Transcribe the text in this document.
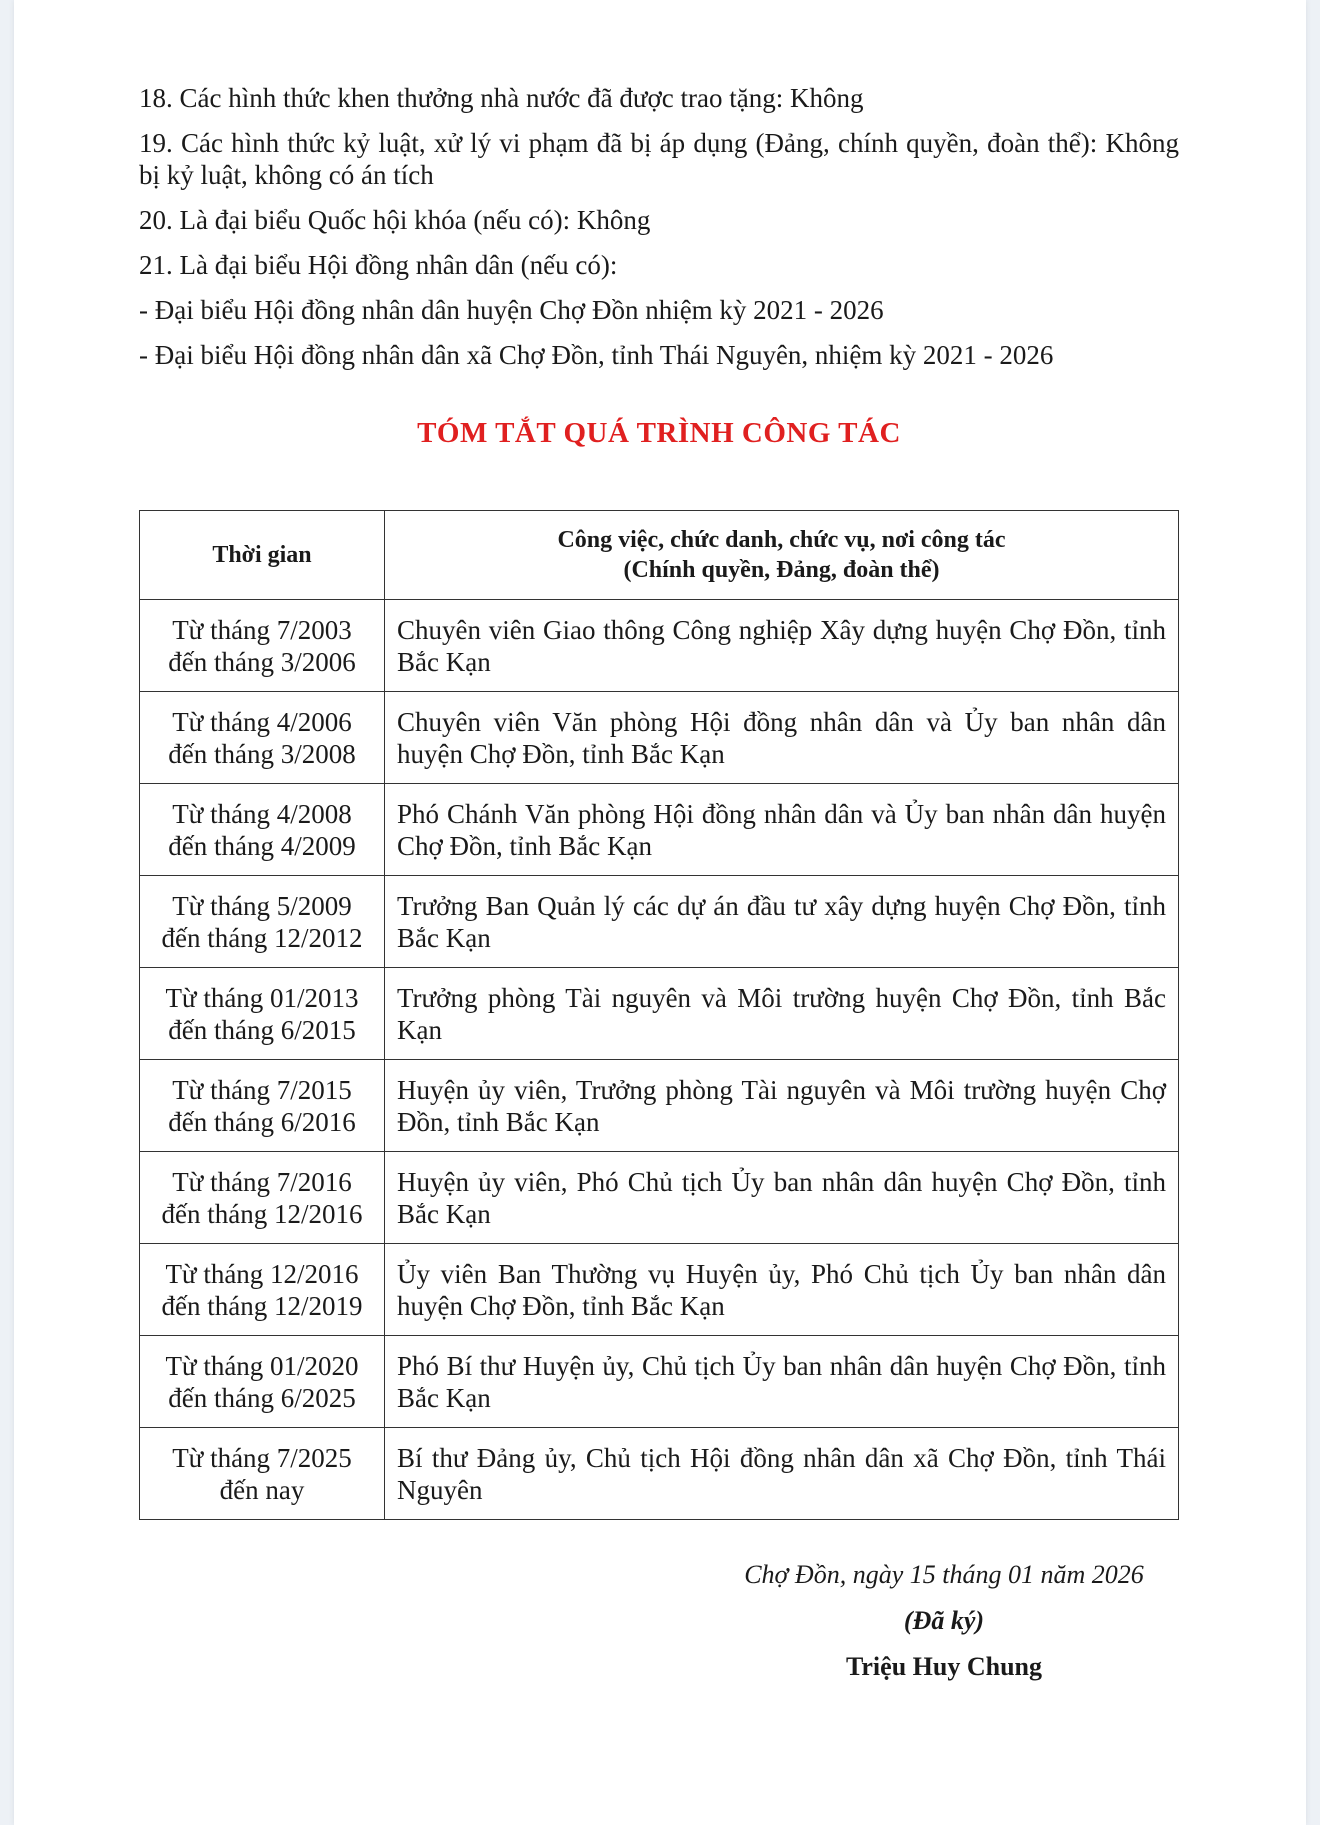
18. Các hình thức khen thưởng nhà nước đã được trao tặng: Không

19. Các hình thức kỷ luật, xử lý vi phạm đã bị áp dụng (Đảng, chính quyền, đoàn thể): Không bị kỷ luật, không có án tích

20. Là đại biểu Quốc hội khóa (nếu có): Không

21. Là đại biểu Hội đồng nhân dân (nếu có):

- Đại biểu Hội đồng nhân dân huyện Chợ Đồn nhiệm kỳ 2021 - 2026

- Đại biểu Hội đồng nhân dân xã Chợ Đồn, tỉnh Thái Nguyên, nhiệm kỳ 2021 - 2026

TÓM TẮT QUÁ TRÌNH CÔNG TÁC
Thời gian	Công việc, chức danh, chức vụ, nơi công tác
(Chính quyền, Đảng, đoàn thể)

Từ tháng 7/2003
đến tháng 3/2006	Chuyên viên Giao thông Công nghiệp Xây dựng huyện Chợ Đồn, tỉnh Bắc Kạn

Từ tháng 4/2006
đến tháng 3/2008	Chuyên viên Văn phòng Hội đồng nhân dân và Ủy ban nhân dân huyện Chợ Đồn, tỉnh Bắc Kạn

Từ tháng 4/2008
đến tháng 4/2009	Phó Chánh Văn phòng Hội đồng nhân dân và Ủy ban nhân dân huyện Chợ Đồn, tỉnh Bắc Kạn

Từ tháng 5/2009
đến tháng 12/2012	Trưởng Ban Quản lý các dự án đầu tư xây dựng huyện Chợ Đồn, tỉnh Bắc Kạn

Từ tháng 01/2013
đến tháng 6/2015	Trưởng phòng Tài nguyên và Môi trường huyện Chợ Đồn, tỉnh Bắc Kạn

Từ tháng 7/2015
đến tháng 6/2016	Huyện ủy viên, Trưởng phòng Tài nguyên và Môi trường huyện Chợ Đồn, tỉnh Bắc Kạn

Từ tháng 7/2016
đến tháng 12/2016	Huyện ủy viên, Phó Chủ tịch Ủy ban nhân dân huyện Chợ Đồn, tỉnh Bắc Kạn

Từ tháng 12/2016
đến tháng 12/2019	Ủy viên Ban Thường vụ Huyện ủy, Phó Chủ tịch Ủy ban nhân dân huyện Chợ Đồn, tỉnh Bắc Kạn

Từ tháng 01/2020
đến tháng 6/2025	Phó Bí thư Huyện ủy, Chủ tịch Ủy ban nhân dân huyện Chợ Đồn, tỉnh Bắc Kạn

Từ tháng 7/2025
đến nay	Bí thư Đảng ủy, Chủ tịch Hội đồng nhân dân xã Chợ Đồn, tỉnh Thái Nguyên
Chợ Đồn, ngày 15 tháng 01 năm 2026
(Đã ký)
Triệu Huy Chung
